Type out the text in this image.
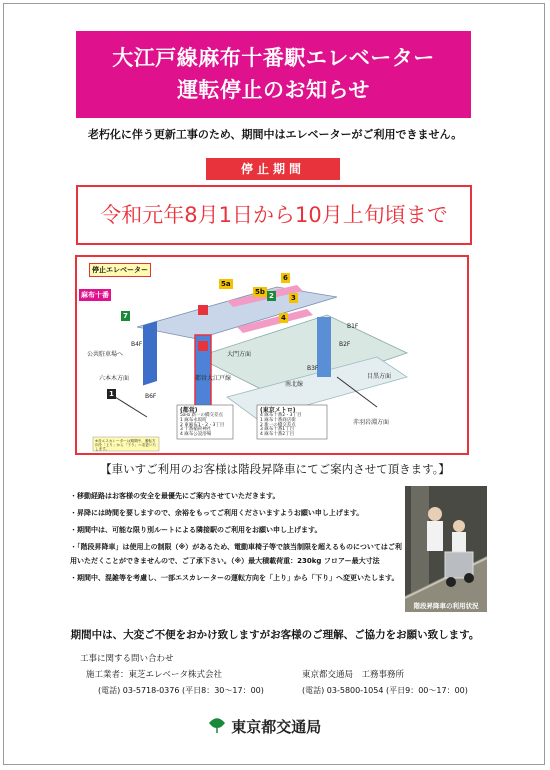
大江戸線麻布十番駅エレベーター
運転停止のお知らせ
老朽化に伴う更新工事のため、期間中はエレベーターがご利用できません。
停止期間
令和元年8月1日から10月上旬頃まで
停止エレベーター
麻布十番
7
1
2 3
4
5a
5b
6
B4F
B6F
B1F
B2F
B3F
公共駐車場へ
六本木方面
大門方面
都営大江戸線
南北線
目黒方面
赤羽岩淵方面
(都営)
5a-b 新一の橋交差点
1 麻布永坂町
2 東麻布1・2・3丁目
3 十番稲荷神社
4 麻布公設浴場
(東京メトロ)
4 麻布十番2・3丁目
1 麻布十番商店街
2 新一の橋交差点
3 麻布十番1丁目
4 麻布十番2丁目
※各エスカレーターは期間中、運転方向を「上り」から「下り」へ変更いたします。
【車いすご利用のお客様は階段昇降車にてご案内させて頂きます。】
・移動経路はお客様の安全を最優先にご案内させていただきます。
・昇降には時間を要しますので、余裕をもってご利用くださいますようお願い申し上げます。
・期間中は、可能な限り別ルートによる隣接駅のご利用をお願い申し上げます。
・「階段昇降車」は使用上の制限（※）があるため、電動車椅子等で該当制限を超えるものについてはご利用いただくことができませんので、ご了承下さい。（※）最大積載荷重：230kg フロアー最大寸法
・期間中、混雑等を考慮し、一部エスカレーターの運転方向を「上り」から「下り」へ変更いたします。
階段昇降車の利用状況
期間中は、大変ご不便をおかけ致しますがお客様のご理解、ご協力をお願い致します。
工事に関する問い合わせ
施工業者：東芝エレベータ株式会社	東京都交通局　工務事務所
(電話) 03-5718-0376 (平日8：30〜17：00)	(電話) 03-5800-1054 (平日9：00〜17：00)
東京都交通局
